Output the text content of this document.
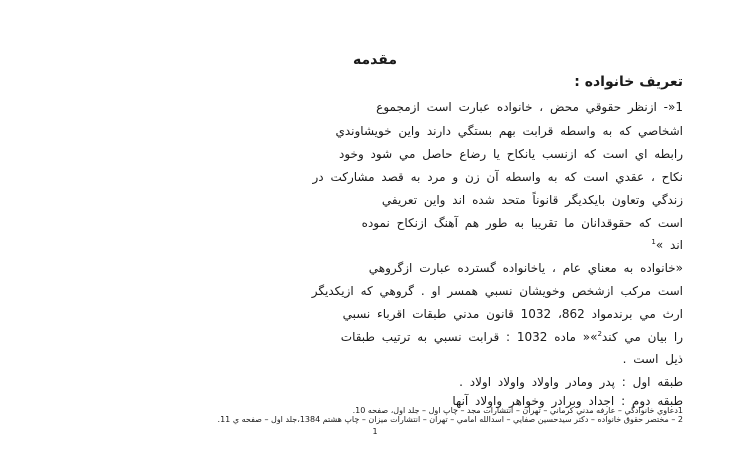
مقدمه
تعريف خانواده :
1«- ازنظر حقوقي محض ، خانواده عبارت است ازمجموع
اشخاصي كه به واسطه قرابت بهم بستگي دارند واين خويشاوندي
رابطه اي است كه ازنسب يانكاح يا رضاع حاصل مي شود وخود
نكاح ، عقدي است كه به واسطه آن زن و مرد به قصد مشاركت در
زندگي وتعاون بايكديگر قانوناً متحد شده اند واين تعريفي
است كه حقوقدانان ما تقريبا به طور هم آهنگ ازنكاح نموده
اند »$^1$
«خانواده به معناي عام ، ياخانواده گسترده عبارت ازگروهي
است مركب ازشخص وخويشان نسبي همسر او . گروهي كه ازيكديگر
ارث مي برندمواد 862، 1032 قانون مدني طبقات اقرباء نسبي
را بيان مي كند$^2$»« ماده 1032 : قرابت نسبي به ترتيب طبقات
ذيل است .
طبقه اول : پدر ومادر واولاد واولاد اولاد .
طبقه دوم : اجداد وبرادر وخواهر واولاد آنها
1دعاوي خانوادگي – عارفه مدني كرماني – تهران – انتشارات مجد – چاپ اول – جلد اول، صفحه 10.
2 – مختصر حقوق خانواده – دكتر سيدحسين صفايي – اسدالله امامي – تهران – انتشارات ميزان – چاپ هشتم 1384،جلد اول – صفحه ي 11.
1
